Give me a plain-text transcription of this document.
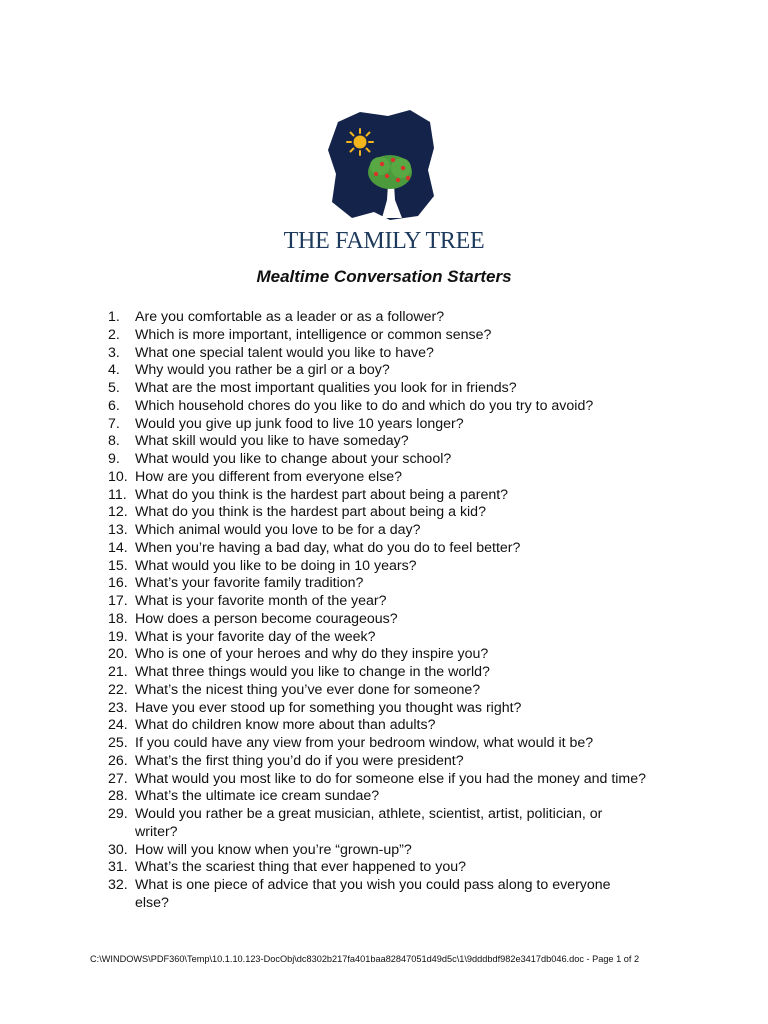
THE FAMILY TREE
Mealtime Conversation Starters
1.	Are you comfortable as a leader or as a follower?
2.	Which is more important, intelligence or common sense?
3.	What one special talent would you like to have?
4.	Why would you rather be a girl or a boy?
5.	What are the most important qualities you look for in friends?
6.	Which household chores do you like to do and which do you try to avoid?
7.	Would you give up junk food to live 10 years longer?
8.	What skill would you like to have someday?
9.	What would you like to change about your school?
10. How are you different from everyone else?
11. What do you think is the hardest part about being a parent?
12. What do you think is the hardest part about being a kid?
13. Which animal would you love to be for a day?
14. When you’re having a bad day, what do you do to feel better?
15. What would you like to be doing in 10 years?
16. What’s your favorite family tradition?
17. What is your favorite month of the year?
18. How does a person become courageous?
19. What is your favorite day of the week?
20. Who is one of your heroes and why do they inspire you?
21. What three things would you like to change in the world?
22. What’s the nicest thing you’ve ever done for someone?
23. Have you ever stood up for something you thought was right?
24. What do children know more about than adults?
25. If you could have any view from your bedroom window, what would it be?
26. What’s the first thing you’d do if you were president?
27. What would you most like to do for someone else if you had the money and time?
28. What’s the ultimate ice cream sundae?
29. Would you rather be a great musician, athlete, scientist, artist, politician, or writer?
30. How will you know when you’re “grown-up”?
31. What’s the scariest thing that ever happened to you?
32. What is one piece of advice that you wish you could pass along to everyone else?
C:\WINDOWS\PDF360\Temp\10.1.10.123-DocObj\dc8302b217fa401baa82847051d49d5c\1\9dddbdf982e3417db046.doc - Page 1 of 2
